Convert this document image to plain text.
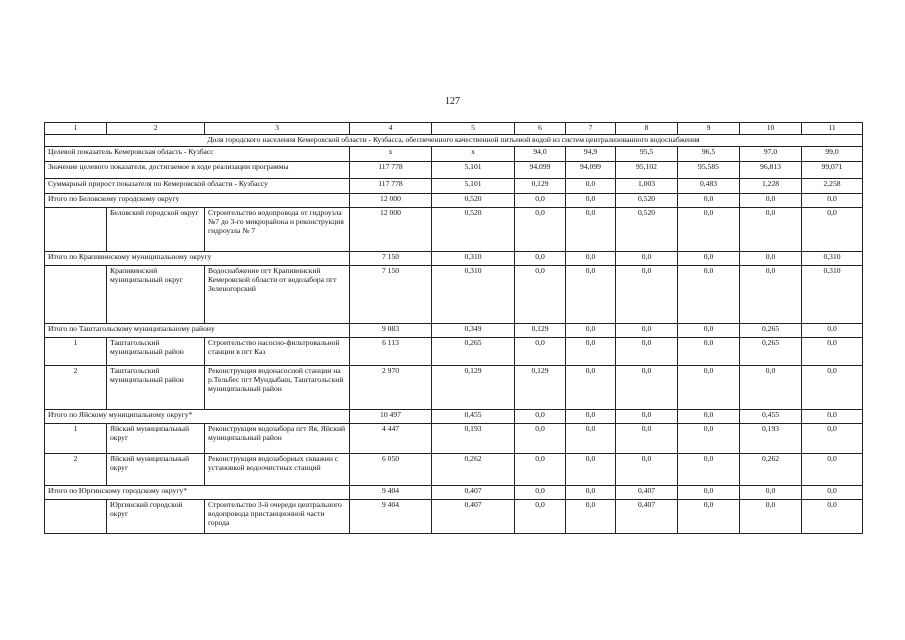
127
1	2	3	4	5	6	7	8	9	10	11
Доля городского населения Кемеровской области - Кузбасса, обеспеченного качественной питьевой водой из систем централизованного водоснабжения										
Целевой показатель Кемеровская область - Кузбасс			х	х	94,0	94,9	95,5	96,5	97,0	99,0
Значение целевого показателя, достигаемое в ходе реализации программы			117 778	5,101	94,099	94,099	95,102	95,585	96,813	99,071
Суммарный прирост показателя по Кемеровской области - Кузбассу			117 778	5,101	0,129	0,0	1,003	0,483	1,228	2,258
Итого по Беловскому городскому округу			12 000	0,520	0,0	0,0	0,520	0,0	0,0	0,0
	Беловский городской округ	Строительство водопровода от гидроузла №7 до 3-го микрорайона и реконструкция гидроузла № 7	12 000	0,520	0,0	0,0	0,520	0,0	0,0	0,0
Итого по Крапивинскому муниципальному округу			7 150	0,310	0,0	0,0	0,0	0,0	0,0	0,310
	Крапивинский муниципальный округ	Водоснабжение пгт Крапивинский Кемеровской области от водозабора пгт Зеленогорский	7 150	0,310	0,0	0,0	0,0	0,0	0,0	0,310
Итого по Таштагольскому муниципальному району			9 083	0,349	0,129	0,0	0,0	0,0	0,265	0,0
1	Таштагольский муниципальный район	Строительство насосно-фильтровальной станции в пгт Каз	6 113	0,265	0,0	0,0	0,0	0,0	0,265	0,0
2	Таштагольский муниципальный район	Реконструкция водонасосной станции на р.Тельбес пгт Мундыбаш, Таштагольский муниципальный район	2 970	0,129	0,129	0,0	0,0	0,0	0,0	0,0
Итого по Яйскому муниципальному округу*			10 497	0,455	0,0	0,0	0,0	0,0	0,455	0,0
1	Яйский муниципальный округ	Реконструкция водозабора пгт Яя, Яйский муниципальный район	4 447	0,193	0,0	0,0	0,0	0,0	0,193	0,0
2	Яйский муниципальный округ	Реконструкция водозаборных скважин с установкой водоочистных станций	6 050	0,262	0,0	0,0	0,0	0,0	0,262	0,0
Итого по Юргинскому городскому округу*			9 404	0,407	0,0	0,0	0,407	0,0	0,0	0,0
	Юргинский городской округ	Строительство 3-й очереди центрального водопровода пристанционной части города	9 404	0,407	0,0	0,0	0,407	0,0	0,0	0,0
